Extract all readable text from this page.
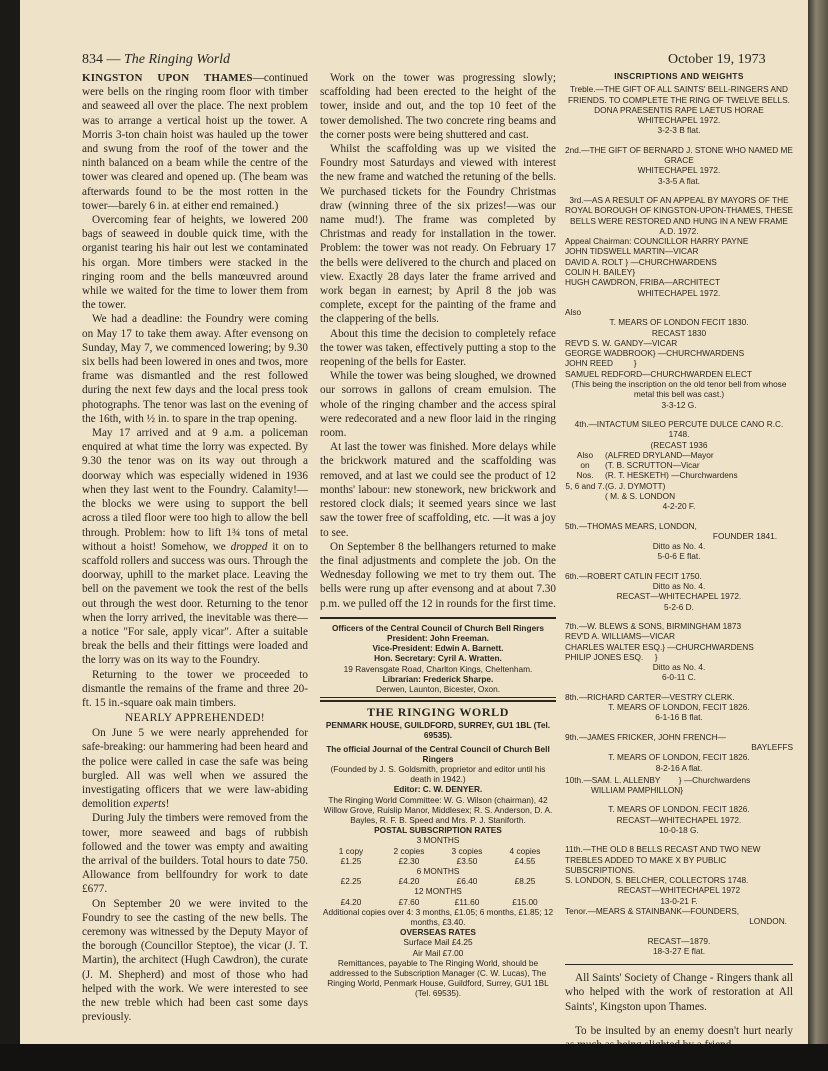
834 — The Ringing World	October 19, 1973

KINGSTON UPON THAMES—continued were bells on the ringing room floor with timber and seaweed all over the place. The next problem was to arrange a vertical hoist up the tower. A Morris 3-ton chain hoist was hauled up the tower and swung from the roof of the tower and the ninth balanced on a beam while the centre of the tower was cleared and opened up. (The beam was afterwards found to be the most rotten in the tower—barely 6 in. at either end remained.)

Overcoming fear of heights, we lowered 200 bags of seaweed in double quick time, with the organist tearing his hair out lest we contaminated his organ. More timbers were stacked in the ringing room and the bells manœuvred around while we waited for the time to lower them from the tower.

We had a deadline: the Foundry were coming on May 17 to take them away. After evensong on Sunday, May 7, we commenced lowering; by 9.30 six bells had been lowered in ones and twos, more frame was dismantled and the rest followed during the next few days and the local press took photographs. The tenor was last on the evening of the 16th, with ½ in. to spare in the trap opening.

May 17 arrived and at 9 a.m. a policeman enquired at what time the lorry was expected. By 9.30 the tenor was on its way out through a doorway which was especially widened in 1936 when they last went to the Foundry. Calamity!—the blocks we were using to support the bell across a tiled floor were too high to allow the bell through. Problem: how to lift 1¾ tons of metal without a hoist! Somehow, we dropped it on to scaffold rollers and success was ours. Through the doorway, uphill to the market place. Leaving the bell on the pavement we took the rest of the bells out through the west door. Returning to the tenor when the lorry arrived, the inevitable was there—a notice "For sale, apply vicar". After a suitable break the bells and their fittings were loaded and the lorry was on its way to the Foundry.

Returning to the tower we proceeded to dismantle the remains of the frame and three 20-ft. 15 in.-square oak main timbers.

NEARLY APPREHENDED!

On June 5 we were nearly apprehended for safe-breaking: our hammering had been heard and the police were called in case the safe was being burgled. All was well when we assured the investigating officers that we were law-abiding demolition experts!

During July the timbers were removed from the tower, more seaweed and bags of rubbish followed and the tower was empty and awaiting the arrival of the builders. Total hours to date 750. Allowance from bellfoundry for work to date £677.

On September 20 we were invited to the Foundry to see the casting of the new bells. The ceremony was witnessed by the Deputy Mayor of the borough (Councillor Steptoe), the vicar (J. T. Martin), the architect (Hugh Cawdron), the curate (J. M. Shepherd) and most of those who had helped with the work. We were interested to see the new treble which had been cast some days previously.

Work on the tower was progressing slowly; scaffolding had been erected to the height of the tower, inside and out, and the top 10 feet of the tower demolished. The two concrete ring beams and the corner posts were being shuttered and cast.

Whilst the scaffolding was up we visited the Foundry most Saturdays and viewed with interest the new frame and watched the retuning of the bells. We purchased tickets for the Foundry Christmas draw (winning three of the six prizes!—was our name mud!). The frame was completed by Christmas and ready for installation in the tower. Problem: the tower was not ready. On February 17 the bells were delivered to the church and placed on view. Exactly 28 days later the frame arrived and work began in earnest; by April 8 the job was complete, except for the painting of the frame and the clappering of the bells.

About this time the decision to completely reface the tower was taken, effectively putting a stop to the reopening of the bells for Easter.

While the tower was being sloughed, we drowned our sorrows in gallons of cream emulsion. The whole of the ringing chamber and the access spiral were redecorated and a new floor laid in the ringing room.

At last the tower was finished. More delays while the brickwork matured and the scaffolding was removed, and at last we could see the product of 12 months' labour: new stonework, new brickwork and restored clock dials; it seemed years since we last saw the tower free of scaffolding, etc. —it was a joy to see.

On September 8 the bellhangers returned to make the final adjustments and complete the job. On the Wednesday following we met to try them out. The bells were rung up after evensong and at about 7.30 p.m. we pulled off the 12 in rounds for the first time.

Officers of the Central Council of Church Bell Ringers
President: John Freeman.
Vice-President: Edwin A. Barnett.
Hon. Secretary: Cyril A. Wratten.
19 Ravensgate Road, Charlton Kings, Cheltenham.
Librarian: Frederick Sharpe.
Derwen, Launton, Bicester, Oxon.
THE RINGING WORLD
PENMARK HOUSE, GUILDFORD, SURREY, GU1 1BL (Tel. 69535).
The official Journal of the Central Council of Church Bell Ringers
(Founded by J. S. Goldsmith, proprietor and editor until his death in 1942.)
Editor: C. W. DENYER.
The Ringing World Committee: W. G. Wilson (chairman), 42 Willow Grove, Ruislip Manor, Middlesex; R. S. Anderson, D. A. Bayles, R. F. B. Speed and Mrs. P. J. Staniforth.
POSTAL SUBSCRIPTION RATES
3 MONTHS
1 copy	2 copies	3 copies	4 copies
£1.25	£2.30	£3.50	£4.55
6 MONTHS
£2.25	£4.20	£6.40	£8.25
12 MONTHS
£4.20	£7.60	£11.60	£15.00
Additional copies over 4: 3 months, £1.05; 6 months, £1.85; 12 months, £3.40.
OVERSEAS RATES
Surface Mail £4.25
Air Mail £7.00
Remittances, payable to The Ringing World, should be addressed to the Subscription Manager (C. W. Lucas), The Ringing World, Penmark House, Guildford, Surrey, GU1 1BL (Tel. 69535).
INSCRIPTIONS AND WEIGHTS
Treble.—THE GIFT OF ALL SAINTS' BELL-RINGERS AND FRIENDS. TO COMPLETE THE RING OF TWELVE BELLS.
DONA PRAESENTIS RAPE LAETUS HORAE
WHITECHAPEL 1972.
3-2-3 B flat.
2nd.—THE GIFT OF BERNARD J. STONE WHO NAMED ME
GRACE
WHITECHAPEL 1972.
3-3-5 A flat.
3rd.—AS A RESULT OF AN APPEAL BY MAYORS OF THE ROYAL BOROUGH OF KINGSTON-UPON-THAMES, THESE BELLS WERE RESTORED AND HUNG IN A NEW FRAME A.D. 1972.
Appeal Chairman: COUNCILLOR HARRY PAYNE
JOHN TIDSWELL MARTIN—VICAR
DAVID A. ROLT } —CHURCHWARDENS
COLIN H. BAILEY}
HUGH CAWDRON, FRIBA—ARCHITECT
WHITECHAPEL 1972.
Also
T. MEARS OF LONDON FECIT 1830.
RECAST 1830
REV'D S. W. GANDY—VICAR
GEORGE WADBROOK} —CHURCHWARDENS
JOHN REED         }
SAMUEL REDFORD—CHURCHWARDEN ELECT
(This being the inscription on the old tenor bell from whose metal this bell was cast.)
3-3-12 G.
4th.—INTACTUM SILEO PERCUTE DULCE CANO R.C. 1748.
(RECAST 1936
Also
on
Nos.
5, 6 and 7.
(ALFRED DRYLAND—Mayor
(T. B. SCRUTTON—Vicar
(R. T. HESKETH) —Churchwardens
(G. J. DYMOTT)
( M. & S. LONDON
4-2-20 F.
5th.—THOMAS MEARS, LONDON,
FOUNDER 1841.
Ditto as No. 4.
5-0-6 E flat.
6th.—ROBERT CATLIN FECIT 1750.
Ditto as No. 4.
RECAST—WHITECHAPEL 1972.
5-2-6 D.
7th.—W. BLEWS & SONS, BIRMINGHAM 1873
REV'D A. WILLIAMS—VICAR
CHARLES WALTER ESQ.} —CHURCHWARDENS
PHILIP JONES ESQ.     }
Ditto as No. 4.
6-0-11 C.
8th.—RICHARD CARTER—VESTRY CLERK.
T. MEARS OF LONDON, FECIT 1826.
6-1-16 B flat.
9th.—JAMES FRICKER, JOHN FRENCH—
BAYLEFFS
T. MEARS OF LONDON, FECIT 1826.
8-2-16 A flat.
10th.—SAM. L. ALLENBY        } —Churchwardens
WILLIAM PAMPHILLON}
T. MEARS OF LONDON. FECIT 1826.
RECAST—WHITECHAPEL 1972.
10-0-18 G.
11th.—THE OLD 8 BELLS RECAST AND TWO NEW TREBLES ADDED TO MAKE X BY PUBLIC SUBSCRIPTIONS.
S. LONDON, S. BELCHER, COLLECTORS 1748.
RECAST—WHITECHAPEL 1972
13-0-21 F.
Tenor.—MEARS & STAINBANK—FOUNDERS,
LONDON.
RECAST—1879.
18-3-27 E flat.

All Saints' Society of Change - Ringers thank all who helped with the work of restoration at All Saints', Kingston upon Thames.

To be insulted by an enemy doesn't hurt nearly
